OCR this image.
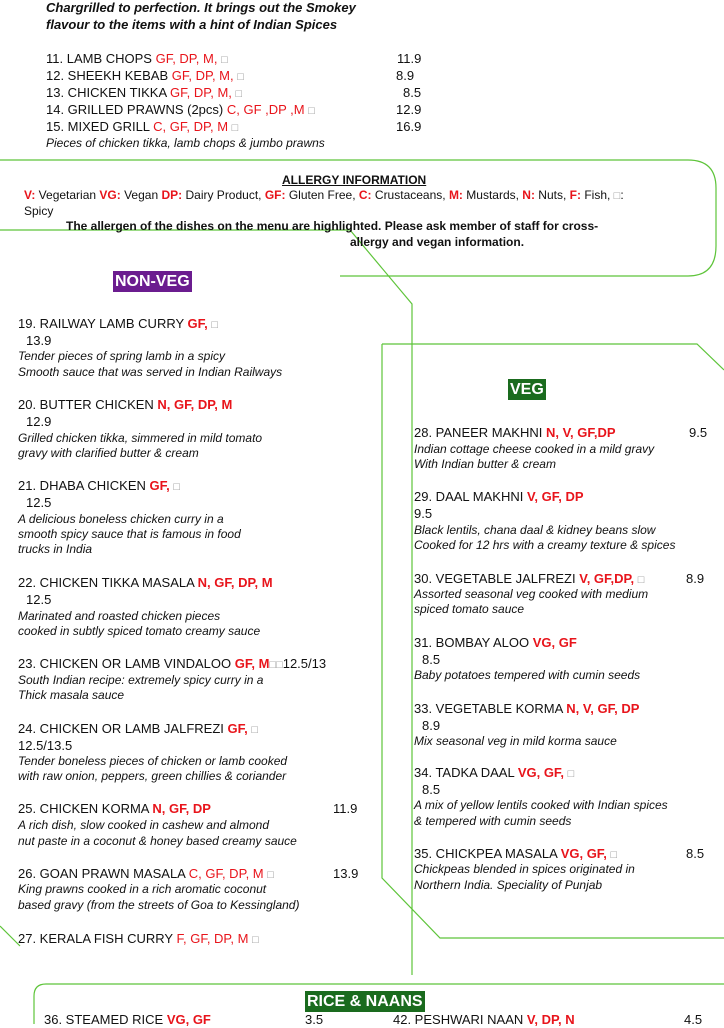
Chargrilled to perfection. It brings out the Smokey
flavour to the items with a hint of Indian Spices
11. LAMB CHOPS GF, DP, M, □	11.9
12. SHEEKH KEBAB GF, DP, M, □	8.9
13. CHICKEN TIKKA GF, DP, M, □	8.5
14. GRILLED PRAWNS (2pcs) C, GF ,DP ,M □	12.9
15. MIXED GRILL C, GF, DP, M □	16.9
Pieces of chicken tikka, lamb chops & jumbo prawns
ALLERGY INFORMATION
V: Vegetarian VG: Vegan DP: Dairy Product, GF: Gluten Free, C: Crustaceans, M: Mustards, N: Nuts, F: Fish, □:
Spicy
The allergen of the dishes on the menu are highlighted. Please ask member of staff for cross-
allergy and vegan information.
NON-VEG
19. RAILWAY LAMB CURRY GF, □
13.9
Tender pieces of spring lamb in a spicy
Smooth sauce that was served in Indian Railways
20. BUTTER CHICKEN N, GF, DP, M
12.9
Grilled chicken tikka, simmered in mild tomato
gravy with clarified butter & cream
21. DHABA CHICKEN GF, □
12.5
A delicious boneless chicken curry in a
smooth spicy sauce that is famous in food
trucks in India
22. CHICKEN TIKKA MASALA N, GF, DP, M
12.5
Marinated and roasted chicken pieces
cooked in subtly spiced tomato creamy sauce
23. CHICKEN OR LAMB VINDALOO GF, M□□12.5/13
South Indian recipe: extremely spicy curry in a
Thick masala sauce
24. CHICKEN OR LAMB JALFREZI GF, □
12.5/13.5
Tender boneless pieces of chicken or lamb cooked
with raw onion, peppers, green chillies & coriander
25. CHICKEN KORMA N, GF, DP	11.9
A rich dish, slow cooked in cashew and almond
nut paste in a coconut & honey based creamy sauce
26. GOAN PRAWN MASALA C, GF, DP, M □	13.9
King prawns cooked in a rich aromatic coconut
based gravy (from the streets of Goa to Kessingland)
27. KERALA FISH CURRY F, GF, DP, M □
VEG
28. PANEER MAKHNI N, V, GF,DP	9.5
Indian cottage cheese cooked in a mild gravy
With Indian butter & cream
29. DAAL MAKHNI V, GF, DP
9.5
Black lentils, chana daal & kidney beans slow
Cooked for 12 hrs with a creamy texture & spices
30. VEGETABLE JALFREZI V, GF,DP, □	8.9
Assorted seasonal veg cooked with medium
spiced tomato sauce
31. BOMBAY ALOO VG, GF
8.5
Baby potatoes tempered with cumin seeds
33. VEGETABLE KORMA N, V, GF, DP
8.9
Mix seasonal veg in mild korma sauce
34. TADKA DAAL VG, GF, □
8.5
A mix of yellow lentils cooked with Indian spices
& tempered with cumin seeds
35. CHICKPEA MASALA VG, GF, □	8.5
Chickpeas blended in spices originated in
Northern India. Speciality of Punjab
RICE & NAANS
36. STEAMED RICE VG, GF	3.5	42. PESHWARI NAAN V, DP, N	4.5
